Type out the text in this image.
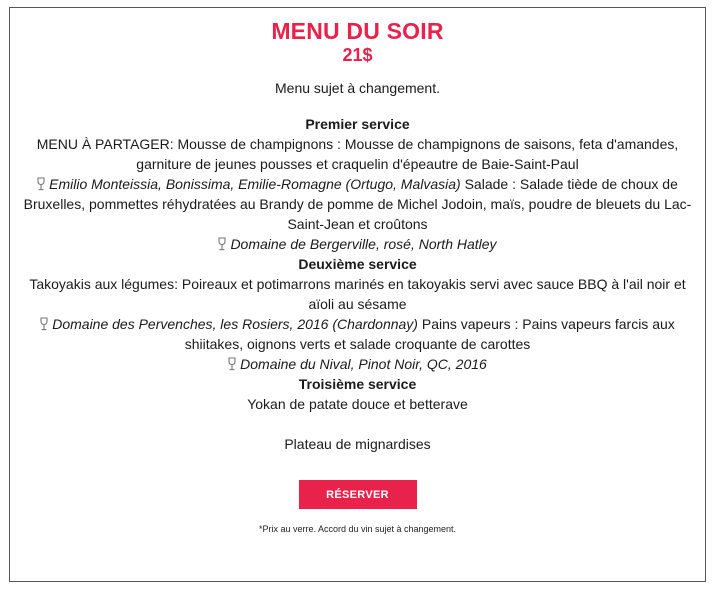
MENU DU SOIR
21$
Menu sujet à changement.
Premier service
MENU À PARTAGER: Mousse de champignons : Mousse de champignons de saisons, feta d'amandes, garniture de jeunes pousses et craquelin d'épeautre de Baie-Saint-Paul
Emilio Monteissia, Bonissima, Emilie-Romagne (Ortugo, Malvasia) Salade : Salade tiède de choux de Bruxelles, pommettes réhydratées au Brandy de pomme de Michel Jodoin, maïs, poudre de bleuets du Lac-Saint-Jean et croûtons
Domaine de Bergerville, rosé, North Hatley
Deuxième service
Takoyakis aux légumes: Poireaux et potimarrons marinés en takoyakis servi avec sauce BBQ à l'ail noir et aïoli au sésame
Domaine des Pervenches, les Rosiers, 2016 (Chardonnay) Pains vapeurs : Pains vapeurs farcis aux shiitakes, oignons verts et salade croquante de carottes
Domaine du Nival, Pinot Noir, QC, 2016
Troisième service
Yokan de patate douce et betterave
Plateau de mignardises
RÉSERVER
*Prix au verre. Accord du vin sujet à changement.
